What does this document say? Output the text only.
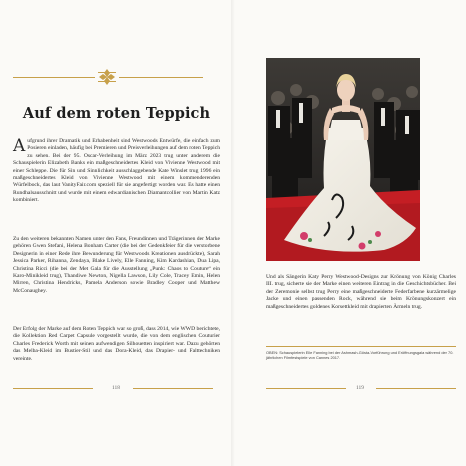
Auf dem roten Teppich

Aufgrund ihrer Dramatik und Erhabenheit sind Westwoods Entwürfe, die einfach zum Posieren einladen, häufig bei Premieren und Preisverleihungen auf dem roten Teppich zu sehen. Bei der 95. Oscar-Verleihung im März 2023 trug unter anderem die Schauspielerin Elizabeth Banks ein maßgeschneidertes Kleid von Vivienne Westwood mit einer Schleppe. Die für Sin und Sinnlichkeit ausschlaggebende Kate Winslet trug 1996 ein maßgeschneidertes Kleid von Vivienne Westwood mit einem kommenderenden Würfelbock, das laut VanityFair.com speziell für sie angefertigt worden war. Es hatte einen Rundhalsausschnitt und wurde mit einem edwardianischen Diamantcollier von Martin Katz kombiniert.

Zu den weiteren bekannten Namen unter den Fans, Freundinnen und Trägerinnen der Marke gehören Gwen Stefani, Helena Bonham Carter (die bei der Gedenkfeier für die verstorbene Designerin in einer Rede ihre Bewunderung für Westwoods Kreationen ausdrückte), Sarah Jessica Parker, Rihanna, Zendaya, Blake Lively, Elle Fanning, Kim Kardashian, Dua Lipa, Christina Ricci (die bei der Met Gala für die Ausstellung „Punk: Chaos to Couture“ ein Karo-Minikleid trug), Thandiwe Newton, Nigella Lawson, Lily Cole, Tracey Emin, Helen Mirren, Christina Hendricks, Pamela Anderson sowie Bradley Cooper und Matthew McConaughey.

Der Erfolg der Marke auf dem Roten Teppich war so groß, dass 2014, wie WWD berichtete, die Kollektion Red Carpet Capsule vorgestellt wurde, die von dem englischen Couturier Charles Frederick Worth mit seinen aufwendigen Silhouetten inspiriert war. Dazu gehörten das Melba-Kleid im Bustier-Stil und das Dora-Kleid, das Drapier- und Falttechniken vereinte.

118

Und als Sängerin Katy Perry Westwood-Designs zur Krönung von König Charles III. trug, sicherte sie der Marke einen weiteren Eintrag in die Geschichtsbücher. Bei der Zeremonie selbst trug Perry eine maßgeschneiderte Federfarbene kurzärmelige Jacke und einen passenden Rock, während sie beim Krönungskonzert ein maßgeschneidertes goldenes Korsettkleid mit drapierten Ärmeln trug.

OBEN: Schauspielerin Elle Fanning bei der Ashmash-Gösta-Vorführung und Eröffnungsgala während der 70. jährlichen Filmfestspiele von Cannes 2017.

119
